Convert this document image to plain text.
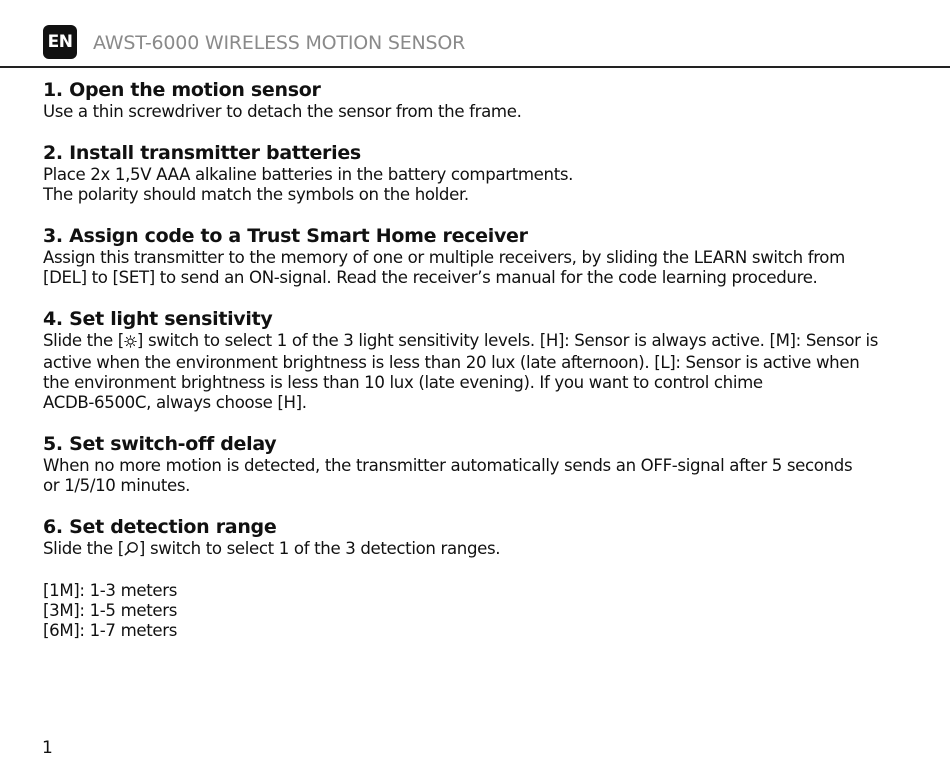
EN AWST-6000 WIRELESS MOTION SENSOR
1. Open the motion sensor
Use a thin screwdriver to detach the sensor from the frame.
2. Install transmitter batteries
Place 2x 1,5V AAA alkaline batteries in the battery compartments.
The polarity should match the symbols on the holder.
3. Assign code to a Trust Smart Home receiver
Assign this transmitter to the memory of one or multiple receivers, by sliding the LEARN switch from
[DEL] to [SET] to send an ON-signal. Read the receiver’s manual for the code learning procedure.
4. Set light sensitivity
Slide the [ ] switch to select 1 of the 3 light sensitivity levels. [H]: Sensor is always active. [M]: Sensor is
active when the environment brightness is less than 20 lux (late afternoon). [L]: Sensor is active when
the environment brightness is less than 10 lux (late evening). If you want to control chime
ACDB-6500C, always choose [H].
5. Set switch-off delay
When no more motion is detected, the transmitter automatically sends an OFF-signal after 5 seconds
or 1/5/10 minutes.
6. Set detection range
Slide the [ ] switch to select 1 of the 3 detection ranges.
[1M]: 1-3 meters
[3M]: 1-5 meters
[6M]: 1-7 meters
1
